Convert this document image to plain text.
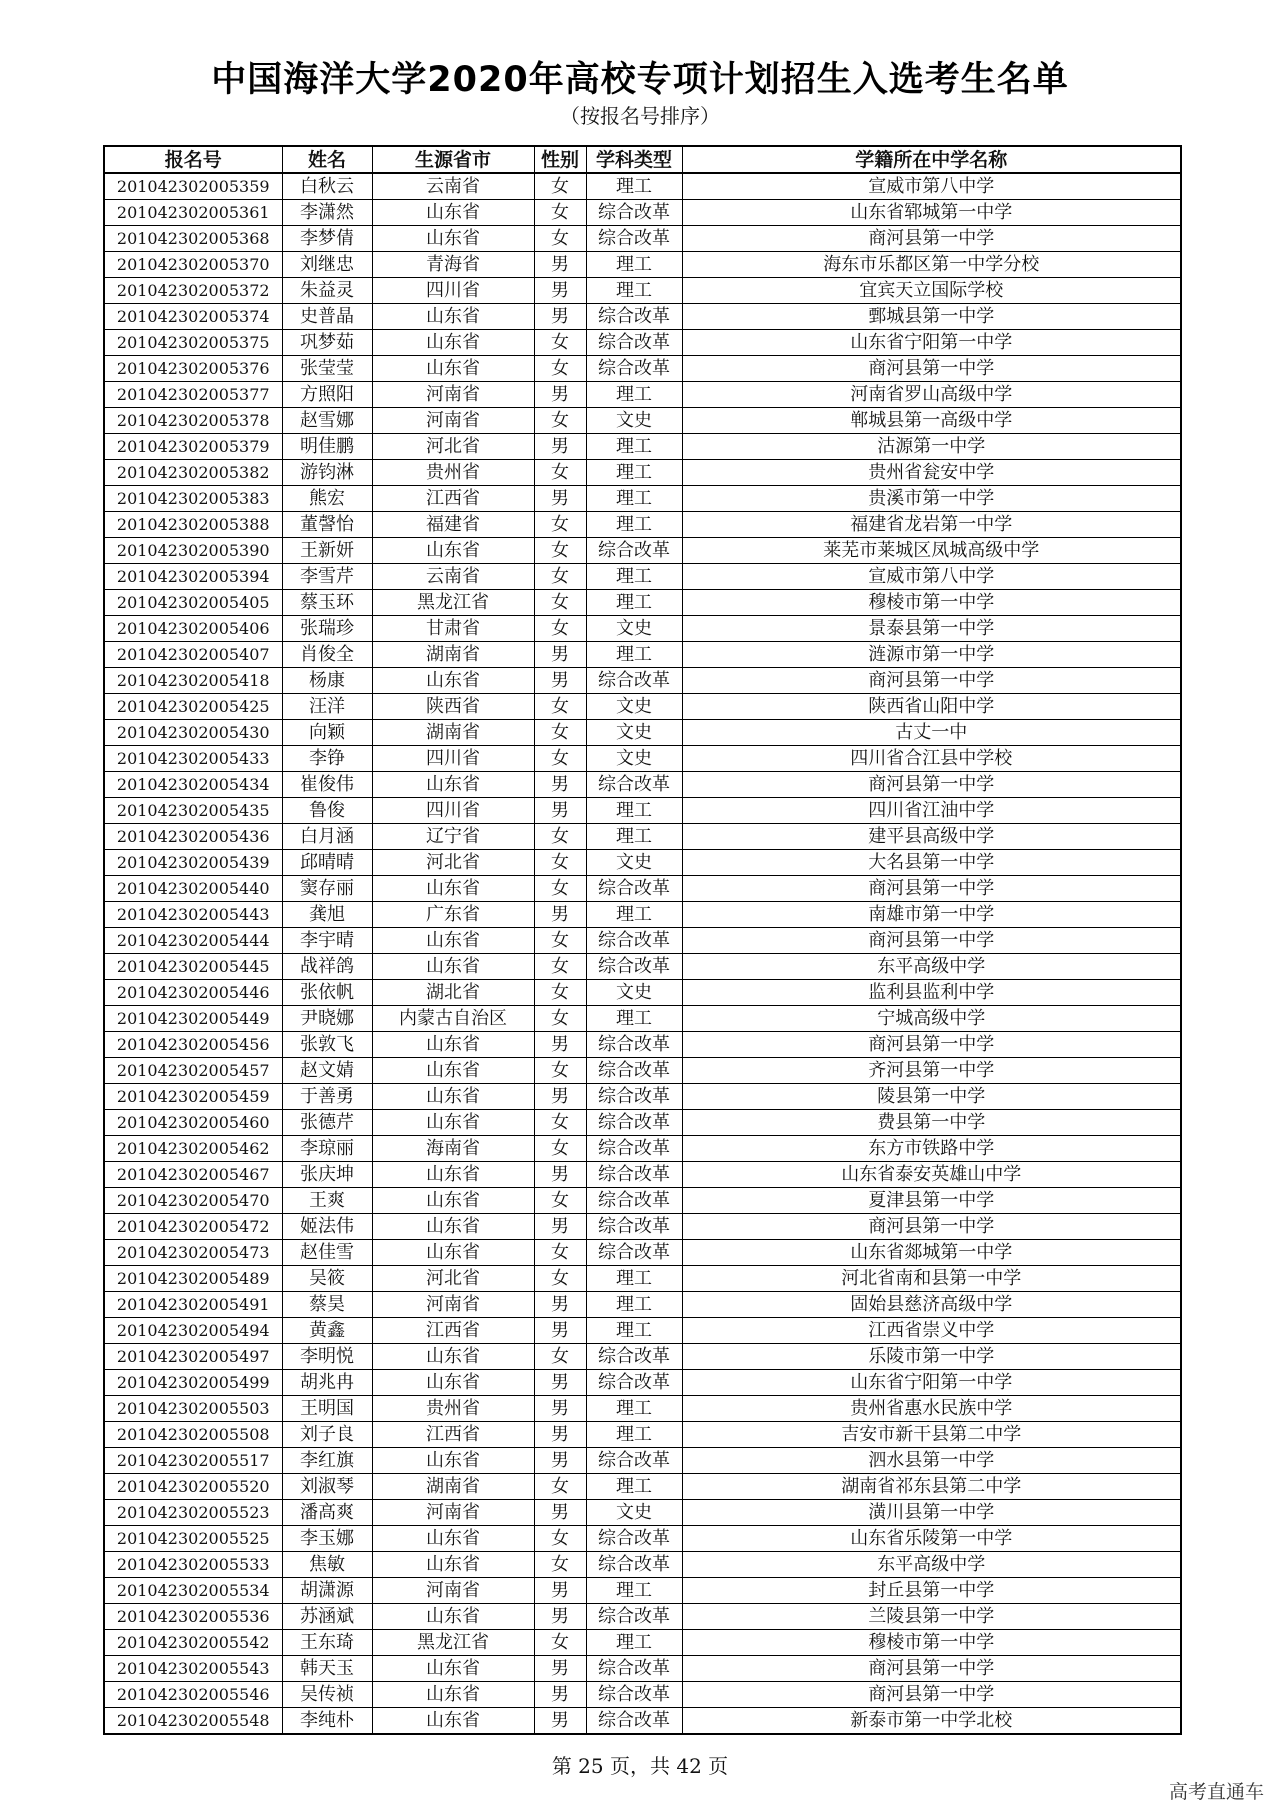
中国海洋大学2020年高校专项计划招生入选考生名单
（按报名号排序）
报名号	姓名	生源省市	性别	学科类型	学籍所在中学名称
201042302005359	白秋云	云南省	女	理工	宣威市第八中学
201042302005361	李潇然	山东省	女	综合改革	山东省郓城第一中学
201042302005368	李梦倩	山东省	女	综合改革	商河县第一中学
201042302005370	刘继忠	青海省	男	理工	海东市乐都区第一中学分校
201042302005372	朱益灵	四川省	男	理工	宜宾天立国际学校
201042302005374	史普晶	山东省	男	综合改革	鄄城县第一中学
201042302005375	巩梦茹	山东省	女	综合改革	山东省宁阳第一中学
201042302005376	张莹莹	山东省	女	综合改革	商河县第一中学
201042302005377	方照阳	河南省	男	理工	河南省罗山高级中学
201042302005378	赵雪娜	河南省	女	文史	郸城县第一高级中学
201042302005379	明佳鹏	河北省	男	理工	沽源第一中学
201042302005382	游钧淋	贵州省	女	理工	贵州省瓮安中学
201042302005383	熊宏	江西省	男	理工	贵溪市第一中学
201042302005388	董謦怡	福建省	女	理工	福建省龙岩第一中学
201042302005390	王新妍	山东省	女	综合改革	莱芜市莱城区凤城高级中学
201042302005394	李雪芹	云南省	女	理工	宣威市第八中学
201042302005405	蔡玉环	黑龙江省	女	理工	穆棱市第一中学
201042302005406	张瑞珍	甘肃省	女	文史	景泰县第一中学
201042302005407	肖俊全	湖南省	男	理工	涟源市第一中学
201042302005418	杨康	山东省	男	综合改革	商河县第一中学
201042302005425	汪洋	陕西省	女	文史	陕西省山阳中学
201042302005430	向颖	湖南省	女	文史	古丈一中
201042302005433	李铮	四川省	女	文史	四川省合江县中学校
201042302005434	崔俊伟	山东省	男	综合改革	商河县第一中学
201042302005435	鲁俊	四川省	男	理工	四川省江油中学
201042302005436	白月涵	辽宁省	女	理工	建平县高级中学
201042302005439	邱晴晴	河北省	女	文史	大名县第一中学
201042302005440	窦存丽	山东省	女	综合改革	商河县第一中学
201042302005443	龚旭	广东省	男	理工	南雄市第一中学
201042302005444	李宇晴	山东省	女	综合改革	商河县第一中学
201042302005445	战祥鸽	山东省	女	综合改革	东平高级中学
201042302005446	张依帆	湖北省	女	文史	监利县监利中学
201042302005449	尹晓娜	内蒙古自治区	女	理工	宁城高级中学
201042302005456	张敦飞	山东省	男	综合改革	商河县第一中学
201042302005457	赵文婧	山东省	女	综合改革	齐河县第一中学
201042302005459	于善勇	山东省	男	综合改革	陵县第一中学
201042302005460	张德芹	山东省	女	综合改革	费县第一中学
201042302005462	李琼丽	海南省	女	综合改革	东方市铁路中学
201042302005467	张庆坤	山东省	男	综合改革	山东省泰安英雄山中学
201042302005470	王爽	山东省	女	综合改革	夏津县第一中学
201042302005472	姬法伟	山东省	男	综合改革	商河县第一中学
201042302005473	赵佳雪	山东省	女	综合改革	山东省郯城第一中学
201042302005489	吴筱	河北省	女	理工	河北省南和县第一中学
201042302005491	蔡昊	河南省	男	理工	固始县慈济高级中学
201042302005494	黄鑫	江西省	男	理工	江西省崇义中学
201042302005497	李明悦	山东省	女	综合改革	乐陵市第一中学
201042302005499	胡兆冉	山东省	男	综合改革	山东省宁阳第一中学
201042302005503	王明国	贵州省	男	理工	贵州省惠水民族中学
201042302005508	刘子良	江西省	男	理工	吉安市新干县第二中学
201042302005517	李红旗	山东省	男	综合改革	泗水县第一中学
201042302005520	刘淑琴	湖南省	女	理工	湖南省祁东县第二中学
201042302005523	潘高爽	河南省	男	文史	潢川县第一中学
201042302005525	李玉娜	山东省	女	综合改革	山东省乐陵第一中学
201042302005533	焦敏	山东省	女	综合改革	东平高级中学
201042302005534	胡潇源	河南省	男	理工	封丘县第一中学
201042302005536	苏涵斌	山东省	男	综合改革	兰陵县第一中学
201042302005542	王东琦	黑龙江省	女	理工	穆棱市第一中学
201042302005543	韩天玉	山东省	男	综合改革	商河县第一中学
201042302005546	吴传祯	山东省	男	综合改革	商河县第一中学
201042302005548	李纯朴	山东省	男	综合改革	新泰市第一中学北校
第 25 页，共 42 页
高考直通车
